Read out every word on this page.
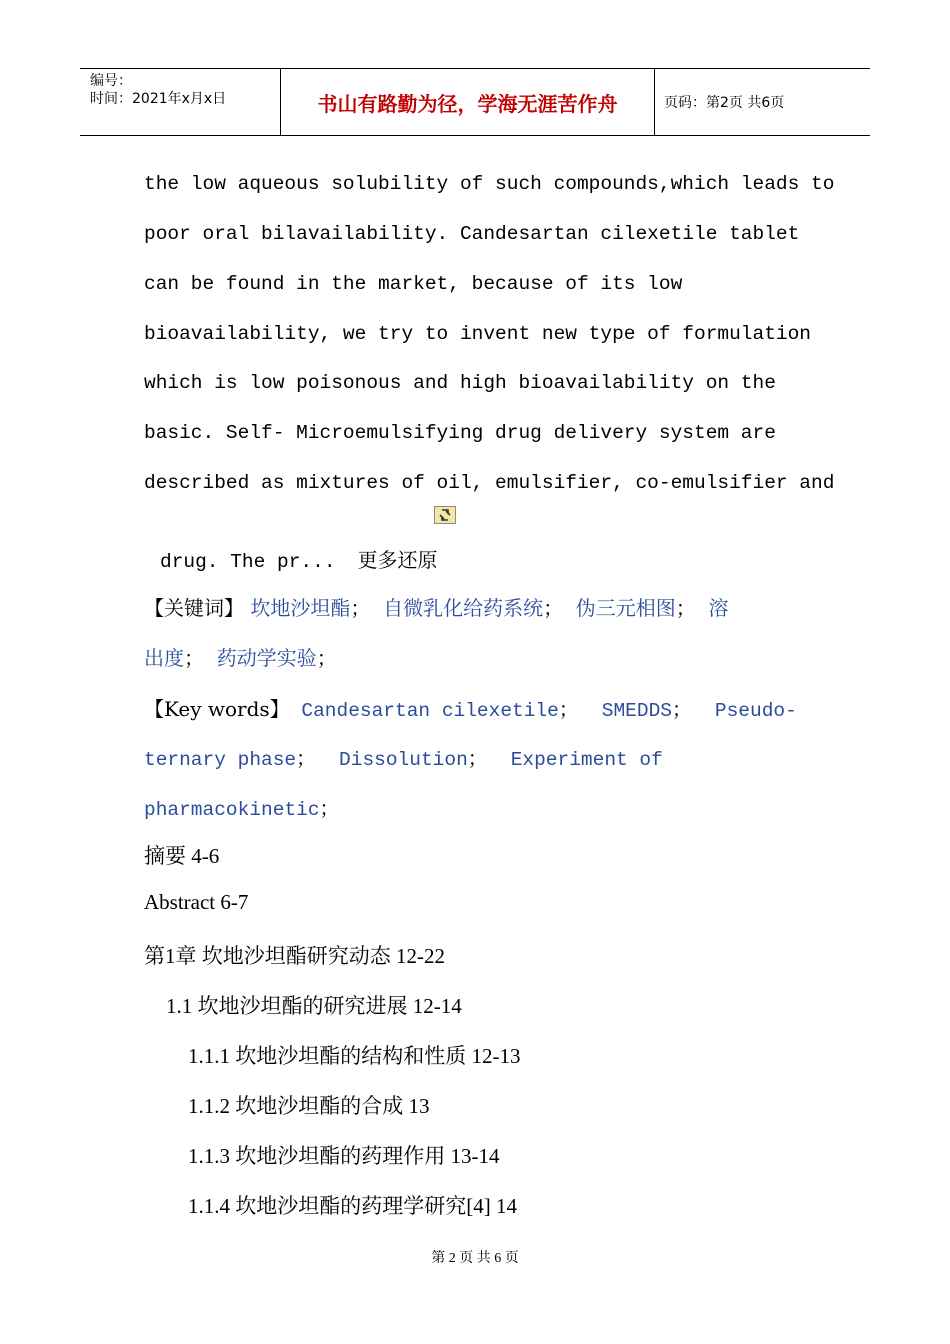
编号：
时间：2021年x月x日	书山有路勤为径，学海无涯苦作舟	页码：第2页 共6页
the low aqueous solubility of such compounds,which leads to
poor oral bilavailability. Candesartan cilexetile tablet
can be found in the market, because of its low
bioavailability, we try to invent new type of formulation
which is low poisonous and high bioavailability on the
basic. Self- Microemulsifying drug delivery system are
described as mixtures of oil, emulsifier, co-emulsifier and

drug. The pr... 更多还原

【关键词】 坎地沙坦酯； 自微乳化给药系统； 伪三元相图； 溶
出度； 药动学实验；
【Key words】 Candesartan cilexetile； SMEDDS； Pseudo-
ternary phase； Dissolution； Experiment of
pharmacokinetic；
摘要 4-6
Abstract 6-7
第1章 坎地沙坦酯研究动态 12-22
1.1 坎地沙坦酯的研究进展 12-14
1.1.1 坎地沙坦酯的结构和性质 12-13
1.1.2 坎地沙坦酯的合成 13
1.1.3 坎地沙坦酯的药理作用 13-14
1.1.4 坎地沙坦酯的药理学研究[4] 14
第 2 页 共 6 页
